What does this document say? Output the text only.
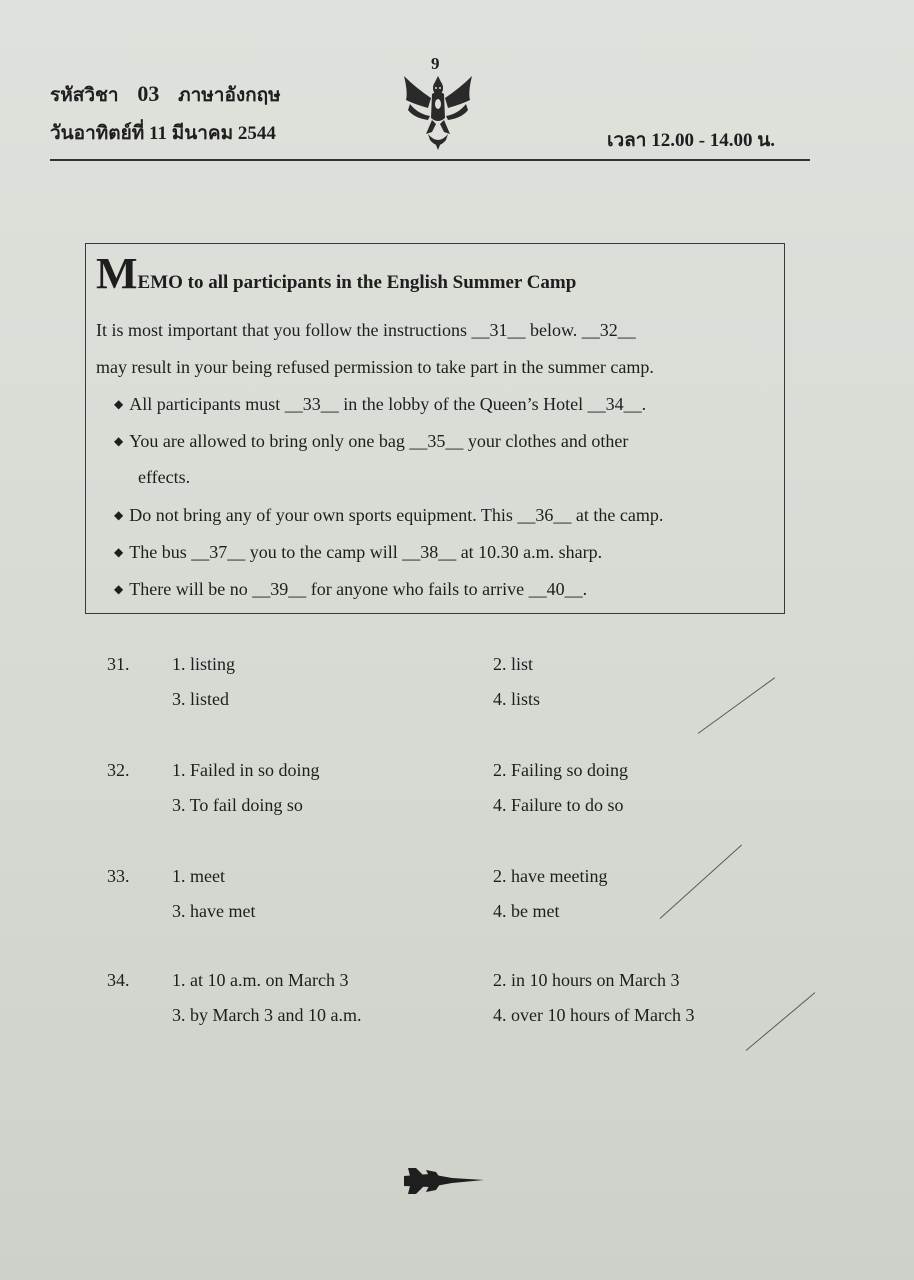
รหัสวิชา 03 ภาษาอังกฤษ
วันอาทิตย์ที่ 11 มีนาคม 2544
9
เวลา 12.00 - 14.00 น.
MEMO to all participants in the English Summer Camp
It is most important that you follow the instructions __31__ below. __32__
may result in your being refused permission to take part in the summer camp.
◆ All participants must __33__ in the lobby of the Queen’s Hotel __34__.
◆ You are allowed to bring only one bag __35__ your clothes and other
effects.
◆ Do not bring any of your own sports equipment. This __36__ at the camp.
◆ The bus __37__ you to the camp will __38__ at 10.30 a.m. sharp.
◆ There will be no __39__ for anyone who fails to arrive __40__.
31. 1. listing	2. list
3. listed	4. lists
32. 1. Failed in so doing	2. Failing so doing
3. To fail doing so	4. Failure to do so
33. 1. meet	2. have meeting
3. have met	4. be met
34. 1. at 10 a.m. on March 3	2. in 10 hours on March 3
3. by March 3 and 10 a.m.	4. over 10 hours of March 3
